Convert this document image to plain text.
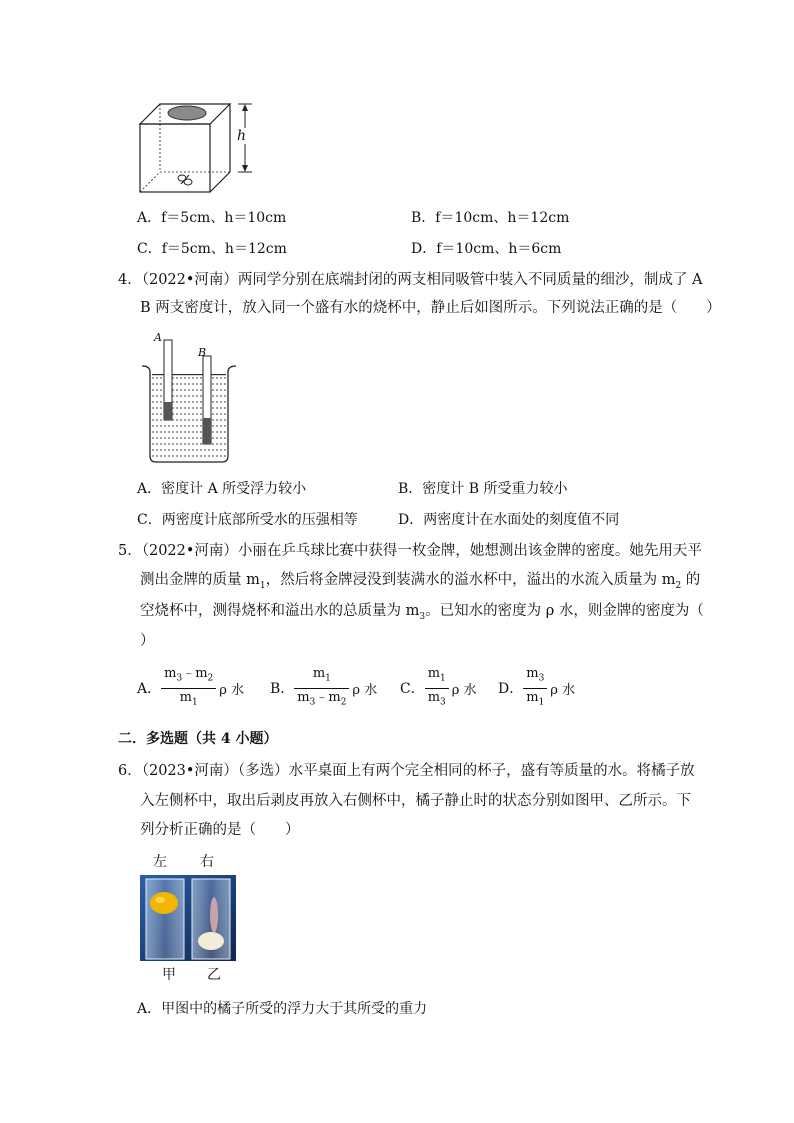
h
A．f＝5cm、h＝10cm	B．f＝10cm、h＝12cm
C．f＝5cm、h＝12cm	D．f＝10cm、h＝6cm
4．（2022•河南）两同学分别在底端封闭的两支相同吸管中装入不同质量的细沙，制成了 A
B 两支密度计，放入同一个盛有水的烧杯中，静止后如图所示。下列说法正确的是（　　）
A
B
A．密度计 A 所受浮力较小	B．密度计 B 所受重力较小
C．两密度计底部所受水的压强相等	D．两密度计在水面处的刻度值不同
5．（2022•河南）小丽在乒乓球比赛中获得一枚金牌，她想测出该金牌的密度。她先用天平
测出金牌的质量 $m_1$，然后将金牌浸没到装满水的溢水杯中，溢出的水流入质量为 $m_2$ 的
空烧杯中，测得烧杯和溢出水的总质量为 $m_3$。已知水的密度为 ρ 水，则金牌的密度为（
）
A． $\frac{m_3﹣m_2}{m_1}$ ρ 水 B． $\frac{m_1}{m_3﹣m_2}$ ρ 水 C． $\frac{m_1}{m_3}$ ρ 水 D． $\frac{m_3}{m_1}$ ρ 水
二．多选题（共 4 小题）
6．（2023•河南）（多选）水平桌面上有两个完全相同的杯子，盛有等质量的水。将橘子放
入左侧杯中，取出后剥皮再放入右侧杯中，橘子静止时的状态分别如图甲、乙所示。下
列分析正确的是（　　）
左 右
甲 乙
A．甲图中的橘子所受的浮力大于其所受的重力
